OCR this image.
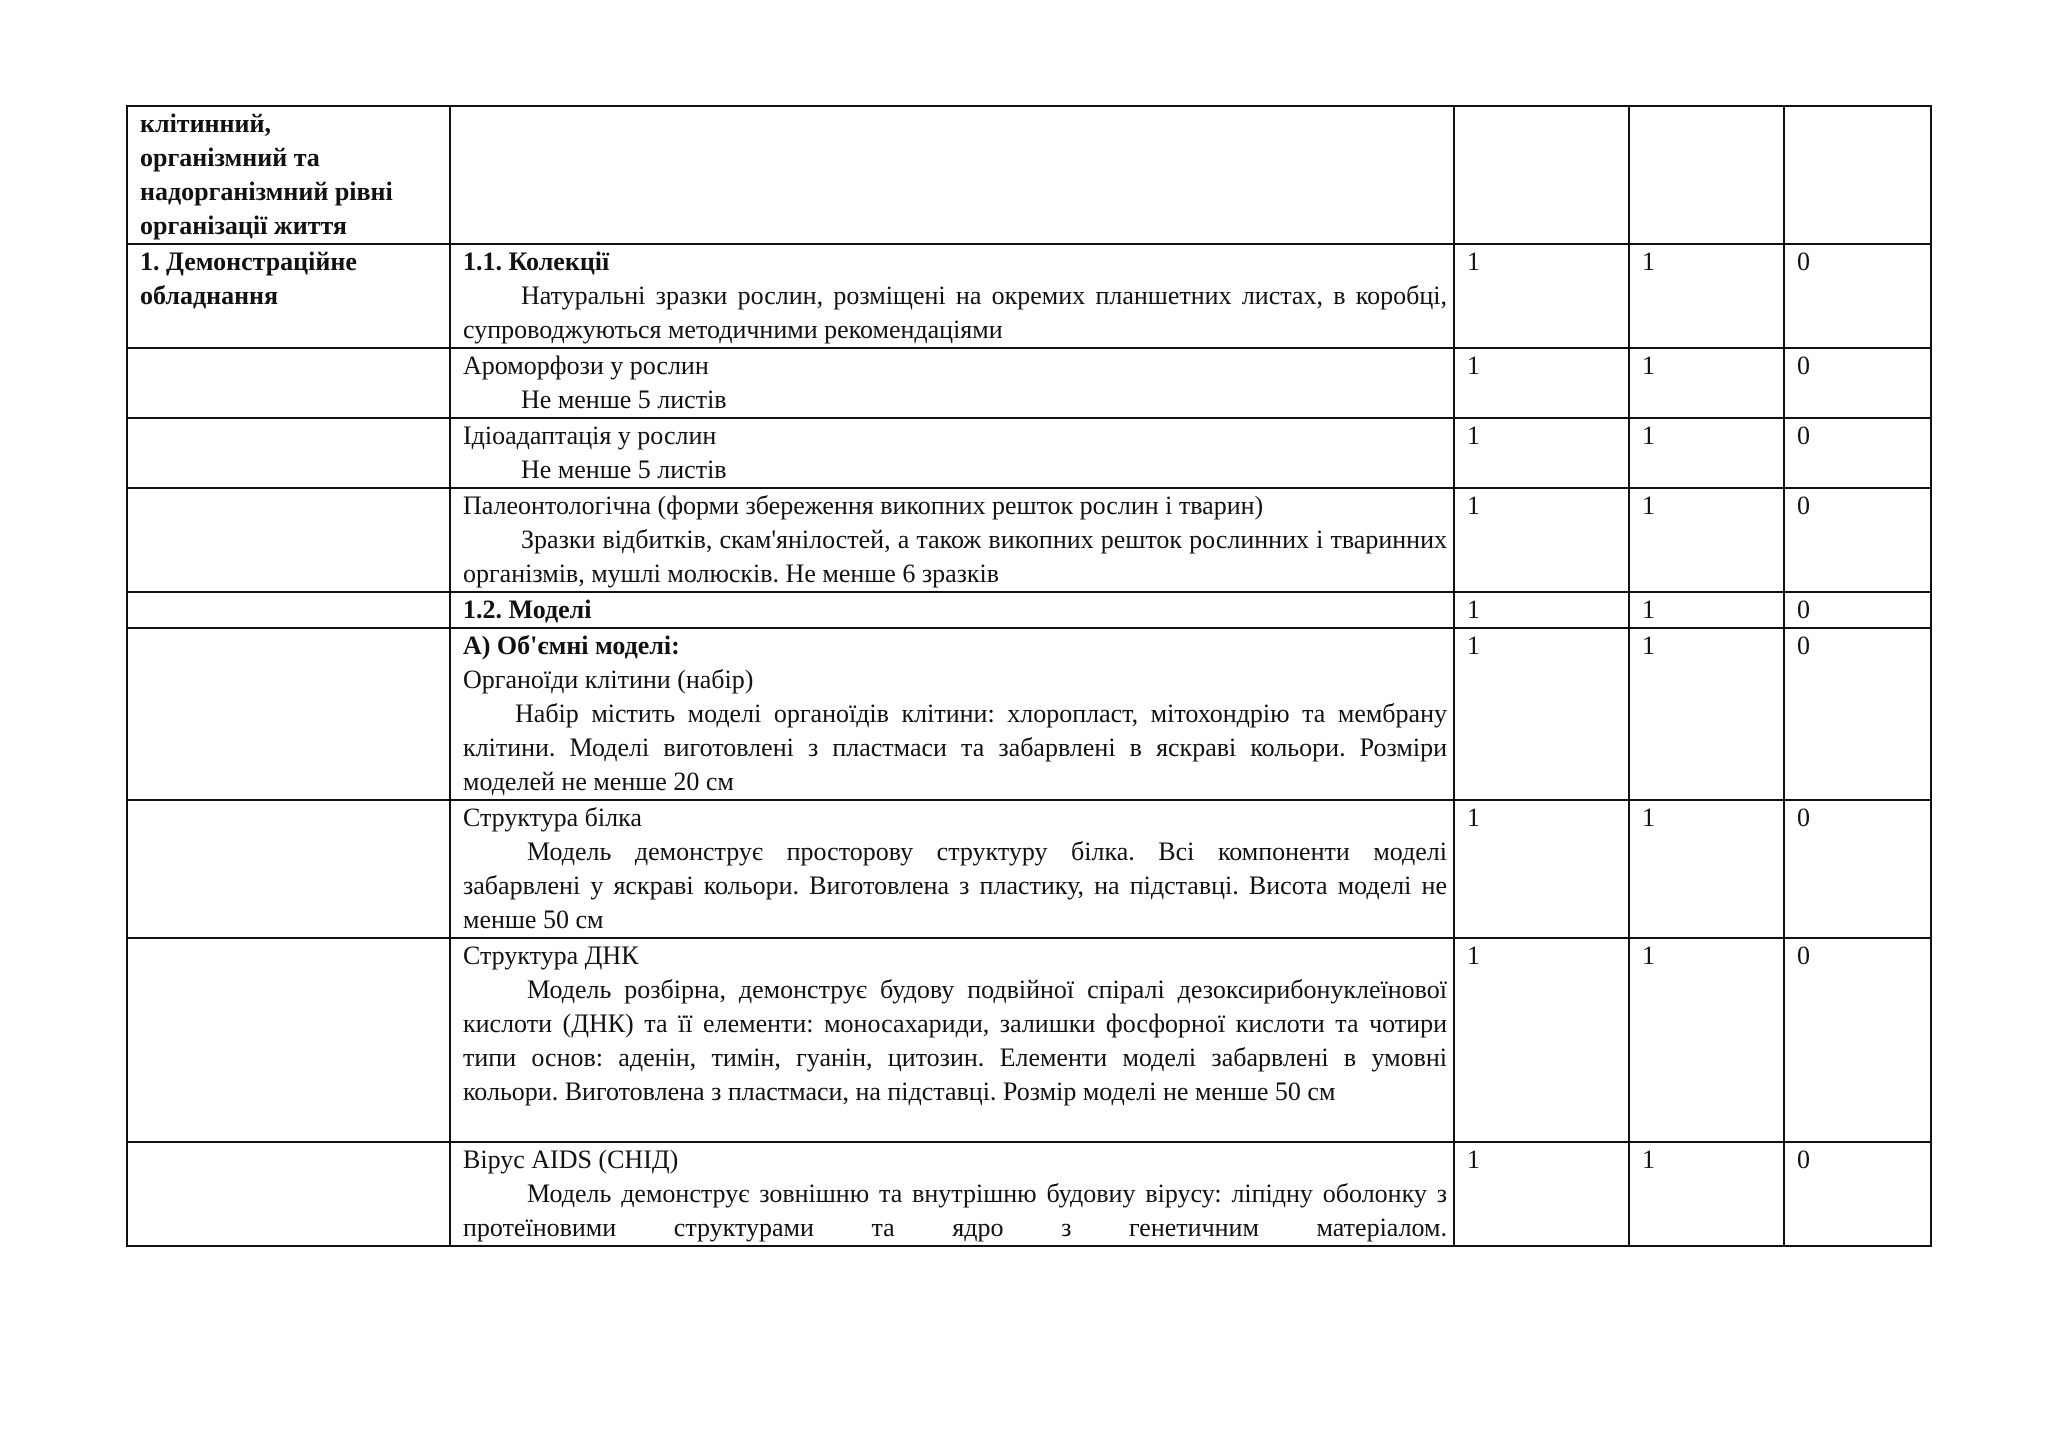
клітинний,
організмний та
надорганізмний рівні
організації життя				

1. Демонстраційне обладнання	1.1. Колекції
Натуральні зразки рослин, розміщені на окремих планшетних листах, в коробці, супроводжуються методичними рекомендаціями	1	1	0

	Ароморфози у рослин
Не менше 5 листів	1	1	0

	Ідіоадаптація у рослин
Не менше 5 листів	1	1	0

	Палеонтологічна (форми збереження викопних решток рослин і тварин)
Зразки відбитків, скам'янілостей, а також викопних решток рослинних і тваринних організмів, мушлі молюсків. Не менше 6 зразків	1	1	0

	1.2. Моделі	1	1	0

	А) Об'ємні моделі:
Органоїди клітини (набір)
Набір містить моделі органоїдів клітини: хлоропласт, мітохондрію та мембрану клітини. Моделі виготовлені з пластмаси та забарвлені в яскраві кольори. Розміри моделей не менше 20 см	1	1	0

	Структура білка
Модель демонструє просторову структуру білка. Всі компоненти моделі забарвлені у яскраві кольори. Виготовлена з пластику, на підставці. Висота моделі не менше 50 см	1	1	0

	Структура ДНК
Модель розбірна, демонструє будову подвійної спіралі дезоксирибонуклеїнової кислоти (ДНК) та її елементи: моносахариди, залишки фосфорної кислоти та чотири типи основ: аденін, тимін, гуанін, цитозин. Елементи моделі забарвлені в умовні кольори. Виготовлена з пластмаси, на підставці. Розмір моделі не менше 50 см	1	1	0

	Вірус AIDS (СНІД)
Модель демонструє зовнішню та внутрішню будовиу вірусу: ліпідну оболонку з протеїновими структурами та ядро з генетичним матеріалом.	1	1	0
